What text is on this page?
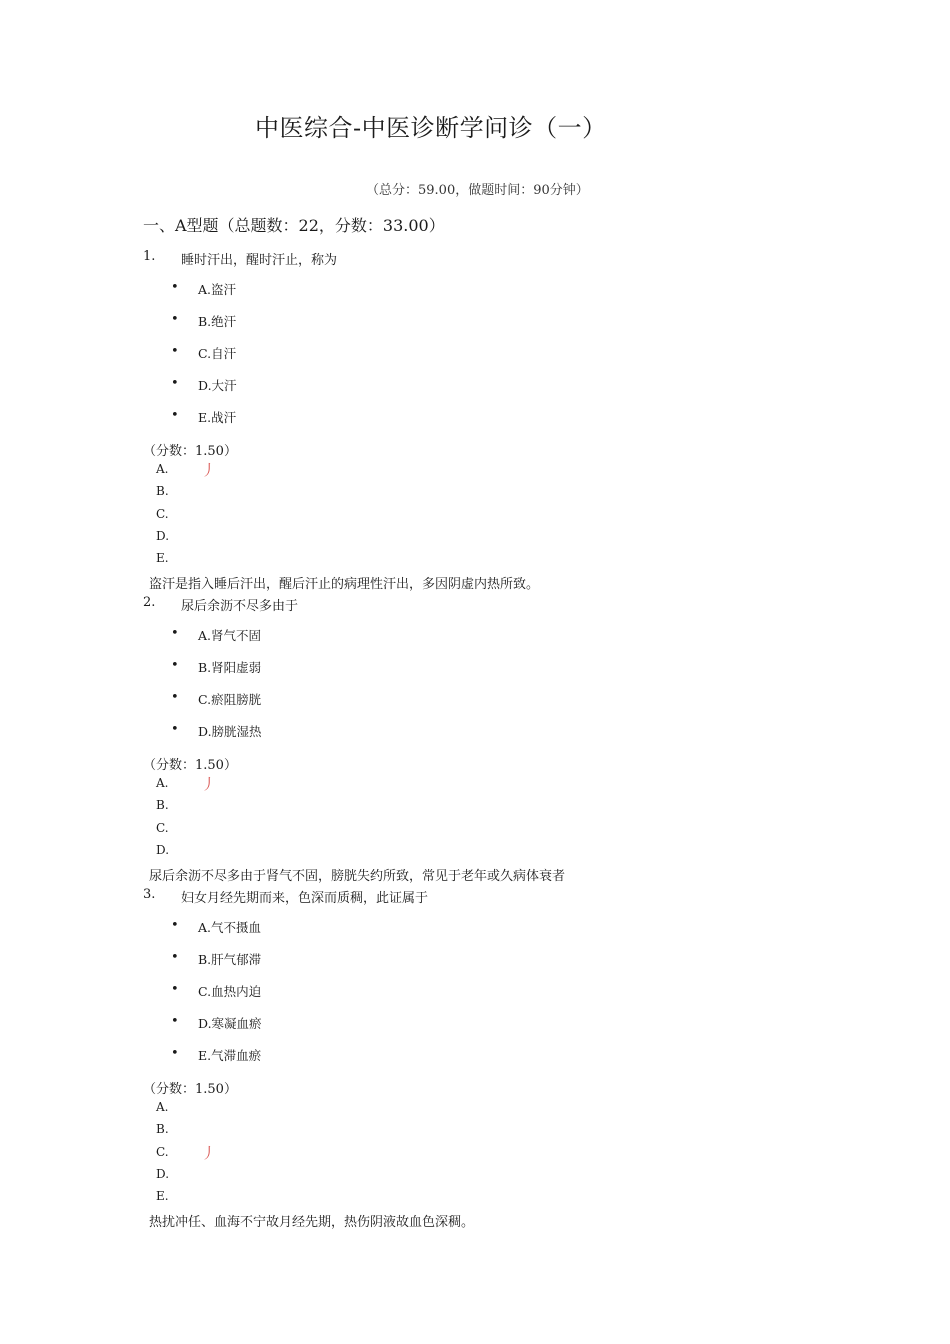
中医综合-中医诊断学问诊（一）
（总分：59.00，做题时间：90分钟）
一、A型题（总题数：22，分数：33.00）
1. 睡时汗出，醒时汗止，称为
• A.盗汗
• B.绝汗
• C.自汗
• D.大汗
• E.战汗
（分数：1.50）
A. 丿
B.
C.
D.
E.
盗汗是指入睡后汗出，醒后汗止的病理性汗出，多因阴虚内热所致。
2. 尿后余沥不尽多由于
• A.肾气不固
• B.肾阳虚弱
• C.瘀阻膀胱
• D.膀胱湿热
（分数：1.50）
A. 丿
B.
C.
D.
尿后余沥不尽多由于肾气不固，膀胱失约所致，常见于老年或久病体衰者
3. 妇女月经先期而来，色深而质稠，此证属于
• A.气不摄血
• B.肝气郁滞
• C.血热内迫
• D.寒凝血瘀
• E.气滞血瘀
（分数：1.50）
A.
B.
C. 丿
D.
E.
热扰冲任、血海不宁故月经先期，热伤阴液故血色深稠。
